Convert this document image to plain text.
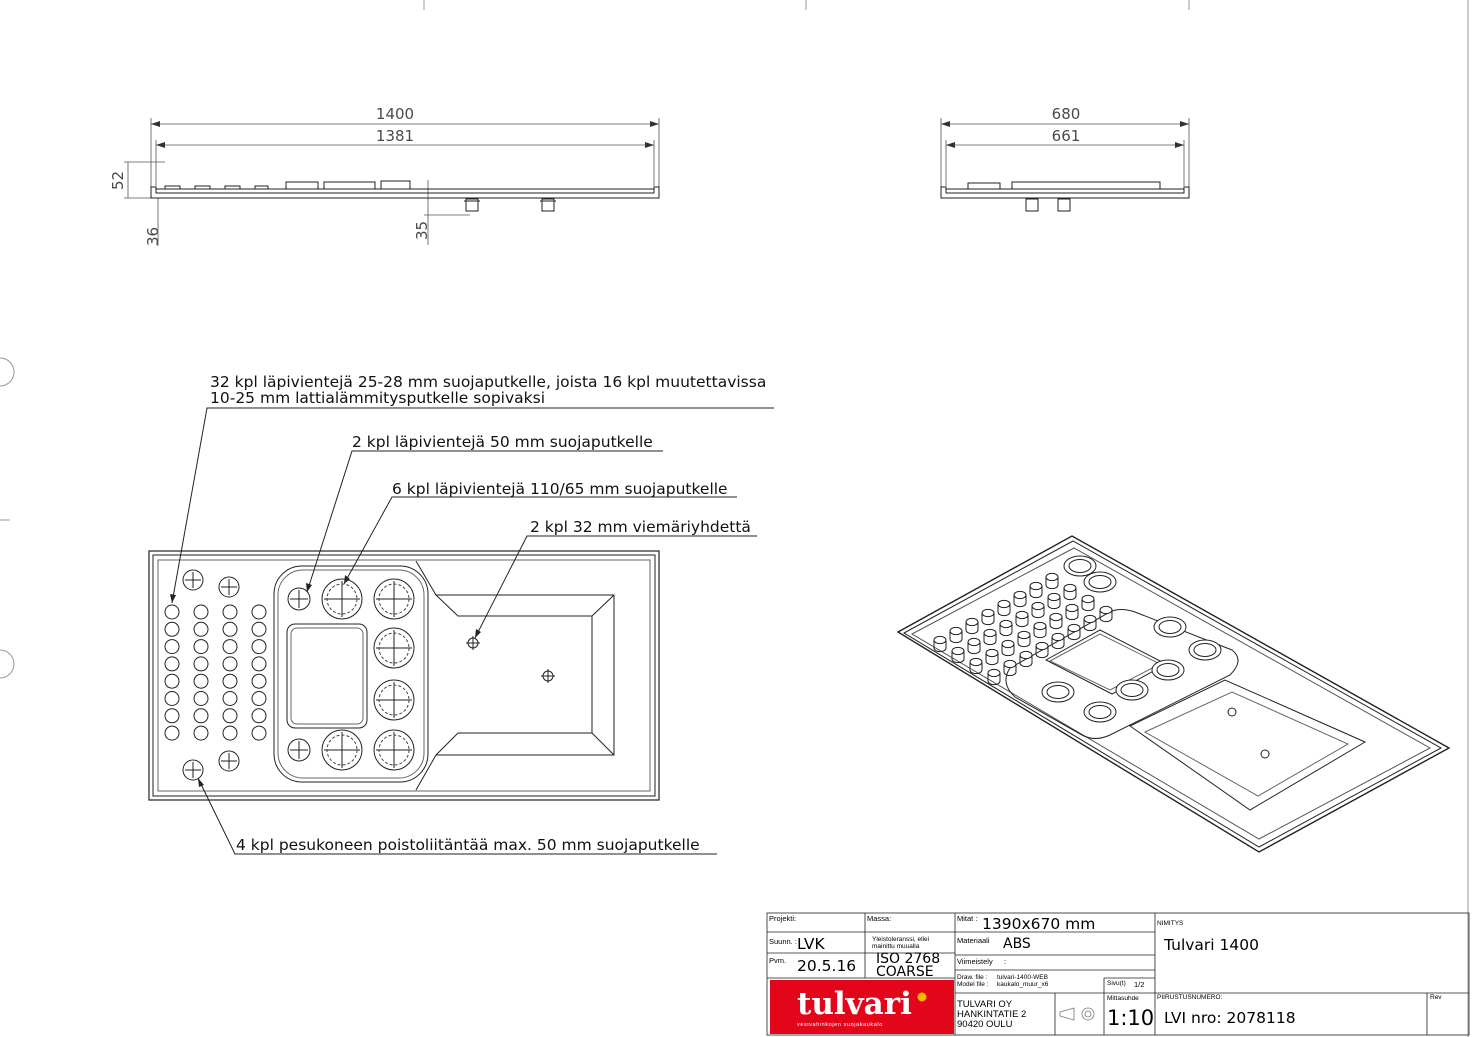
1400
1381
52
36	35
680
661
32 kpl läpivientejä 25-28 mm suojaputkelle, joista 16 kpl muutettavissa
10-25 mm lattialämmitysputkelle sopivaksi
2 kpl läpivientejä 50 mm suojaputkelle
6 kpl läpivientejä 110/65 mm suojaputkelle
2 kpl 32 mm viemäriyhdettä
4 kpl pesukoneen poistoliitäntää max. 50 mm suojaputkelle
tulvari
vesivahinkojen suojakaukalo
Projekti:	Massa:	Mitat : 1390x670 mm	NIMITYS
Tulvari 1400
Suunn. : LVK	Yleistoleranssi, ellei
mainittu muualla
Materiaali ABS
Pvm. 20.5.16 ISO 2768
COARSE
Viimeistely :
Draw. file : tulvari-1400-WEB
Model file : kaukalo_muur_x6	Sivu(t) 1/2
Mittasuhde
1:10
PIIRUSTUSNUMERO:
LVI nro: 2078118
Rev
TULVARI OY
HANKINTATIE 2
90420 OULU
